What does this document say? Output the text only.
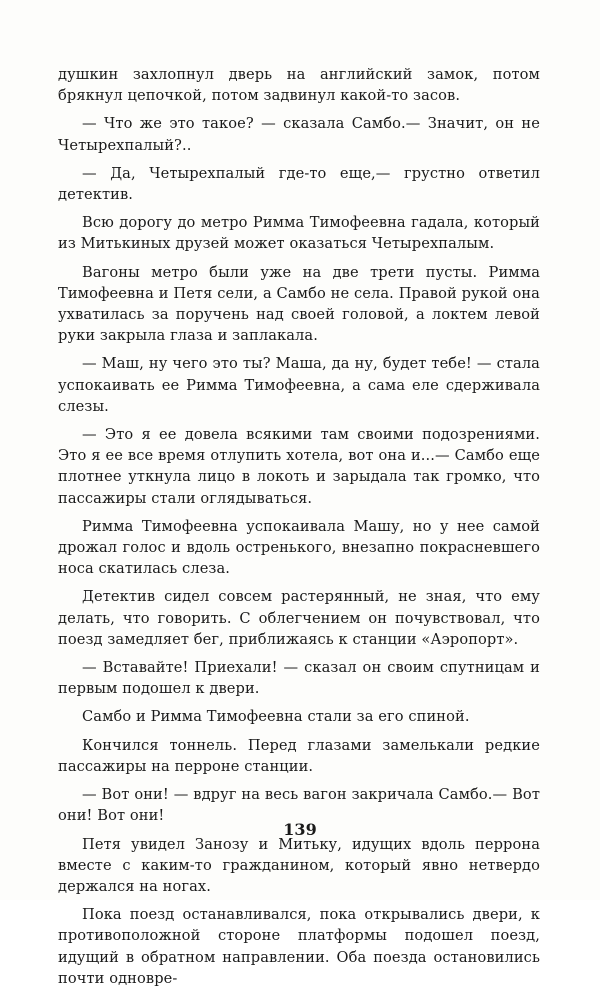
душкин захлопнул дверь на английский замок, потом брякнул цепочкой, потом задвинул какой-то засов.

— Что же это такое? — сказала Самбо.— Значит, он не Четырехпалый?..

— Да, Четырехпалый где-то еще,— грустно ответил детектив.

Всю дорогу до метро Римма Тимофеевна гадала, который из Митькиных друзей может оказаться Четырехпалым.

Вагоны метро были уже на две трети пусты. Римма Тимофеевна и Петя сели, а Самбо не села. Правой рукой она ухватилась за поручень над своей головой, а локтем левой руки закрыла глаза и заплакала.

— Маш, ну чего это ты? Маша, да ну, будет тебе! — стала успокаивать ее Римма Тимофеевна, а сама еле сдерживала слезы.

— Это я ее довела всякими там своими подозрениями. Это я ее все время отлупить хотела, вот она и...— Самбо еще плотнее уткнула лицо в локоть и зарыдала так громко, что пассажиры стали оглядываться.

Римма Тимофеевна успокаивала Машу, но у нее самой дрожал голос и вдоль остренького, внезапно покрасневшего носа скатилась слеза.

Детектив сидел совсем растерянный, не зная, что ему делать, что говорить. С облегчением он почувствовал, что поезд замедляет бег, приближаясь к станции «Аэропорт».

— Вставайте! Приехали! — сказал он своим спутницам и первым подошел к двери.

Самбо и Римма Тимофеевна стали за его спиной.

Кончился тоннель. Перед глазами замелькали редкие пассажиры на перроне станции.

— Вот они! — вдруг на весь вагон закричала Самбо.— Вот они! Вот они!

Петя увидел Занозу и Митьку, идущих вдоль перрона вместе с каким-то гражданином, который явно нетвердо держался на ногах.

Пока поезд останавливался, пока открывались двери, к противоположной стороне платформы подошел поезд, идущий в обратном направлении. Оба поезда остановились почти одновре-

139
